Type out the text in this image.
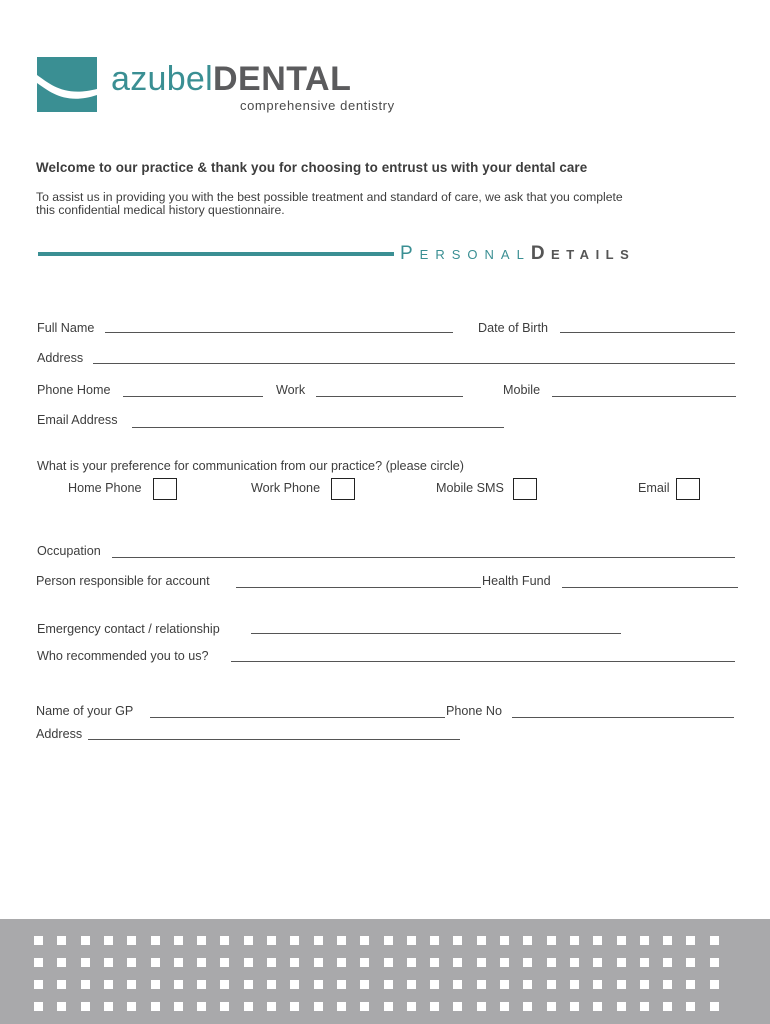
azubelDENTAL
comprehensive dentistry
Welcome to our practice & thank you for choosing to entrust us with your dental care
To assist us in providing you with the best possible treatment and standard of care, we ask that you complete
this confidential medical history questionnaire.
PersonalDetails
Full Name	Date of Birth
Address
Phone Home	Work	Mobile
Email Address
What is your preference for communication from our practice? (please circle)
Home Phone	Work Phone	Mobile SMS	Email
Occupation
Person responsible for account	Health Fund
Emergency contact / relationship
Who recommended you to us?
Name of your GP	Phone No
Address
